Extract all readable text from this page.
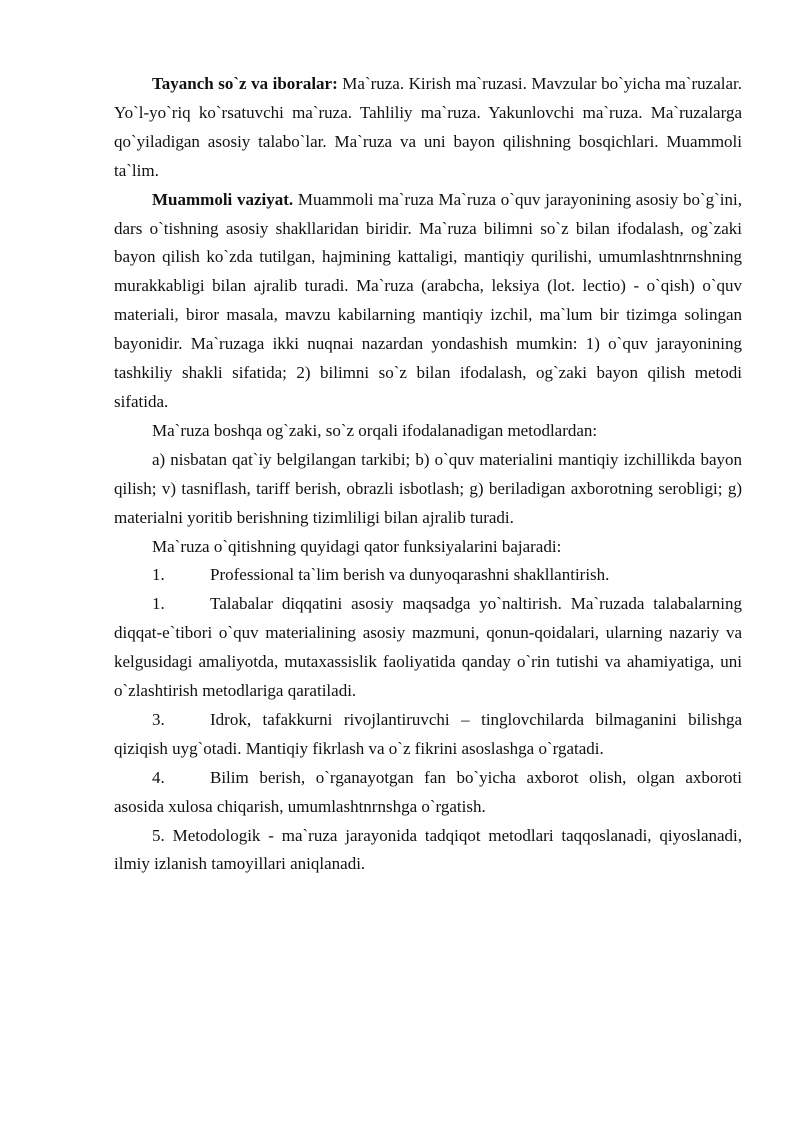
Tayanch so`z va iboralar: Ma`ruza. Kirish ma`ruzasi. Mavzular bo`yicha ma`ruzalar. Yo`l-yo`riq ko`rsatuvchi ma`ruza. Tahliliy ma`ruza. Yakunlovchi ma`ruza. Ma`ruzalarga qo`yiladigan asosiy talabo`lar. Ma`ruza va uni bayon qilishning bosqichlari. Muammoli ta`lim.

Muammoli vaziyat. Muammoli ma`ruza Ma`ruza o`quv jarayonining asosiy bo`g`ini, dars o`tishning asosiy shakllaridan biridir. Ma`ruza bilimni so`z bilan ifodalash, og`zaki bayon qilish ko`zda tutilgan, hajmining kattaligi, mantiqiy qurilishi, umumlashtnrnshning murakkabligi bilan ajralib turadi. Ma`ruza (arabcha, leksiya (lot. lectio) - o`qish) o`quv materiali, biror masala, mavzu kabilarning mantiqiy izchil, ma`lum bir tizimga solingan bayonidir. Ma`ruzaga ikki nuqnai nazardan yondashish mumkin: 1) o`quv jarayonining tashkiliy shakli sifatida; 2) bilimni so`z bilan ifodalash, og`zaki bayon qilish metodi sifatida.

Ma`ruza boshqa og`zaki, so`z orqali ifodalanadigan metodlardan:

a) nisbatan qat`iy belgilangan tarkibi; b) o`quv materialini mantiqiy izchillikda bayon qilish; v) tasniflash, tariff berish, obrazli isbotlash; g) beriladigan axborotning serobligi; g) materialni yoritib berishning tizimliligi bilan ajralib turadi.

Ma`ruza o`qitishning quyidagi qator funksiyalarini bajaradi:

1.	Professional ta`lim berish va dunyoqarashni shakllantirish.

1.	Talabalar diqqatini asosiy maqsadga yo`naltirish. Ma`ruzada talabalarning diqqat-e`tibori o`quv materialining asosiy mazmuni, qonun-qoidalari, ularning nazariy va kelgusidagi amaliyotda, mutaxassislik faoliyatida qanday o`rin tutishi va ahamiyatiga, uni o`zlashtirish metodlariga qaratiladi.

3.	Idrok, tafakkurni rivojlantiruvchi – tinglovchilarda bilmaganini bilishga qiziqish uyg`otadi. Mantiqiy fikrlash va o`z fikrini asoslashga o`rgatadi.

4.	Bilim berish, o`rganayotgan fan bo`yicha axborot olish, olgan axboroti asosida xulosa chiqarish, umumlashtnrnshga o`rgatish.

5. Metodologik - ma`ruza jarayonida tadqiqot metodlari taqqoslanadi, qiyoslanadi, ilmiy izlanish tamoyillari aniqlanadi.
